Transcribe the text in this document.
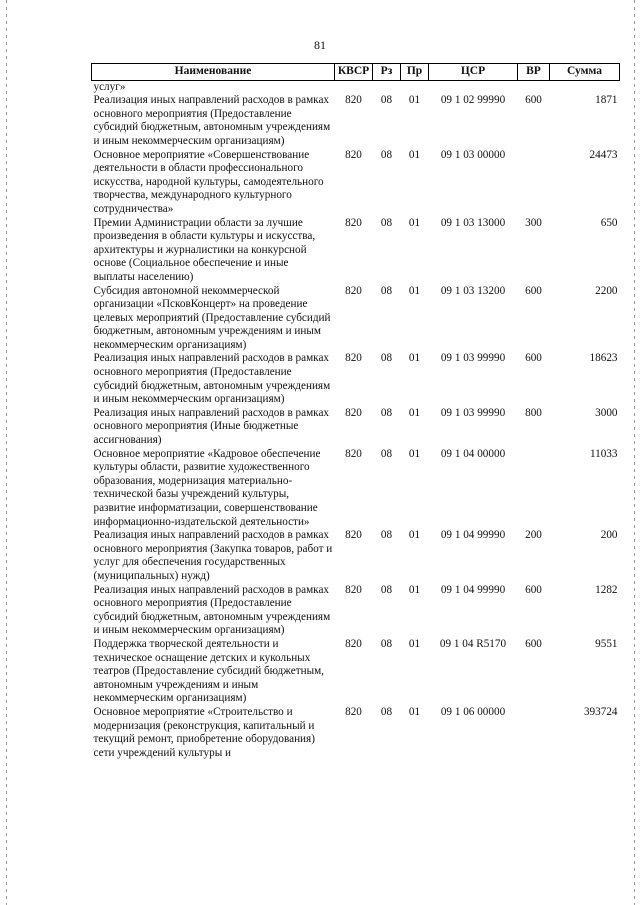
81
Наименование	КВСР	Рз	Пр	ЦСР	ВР	Сумма
услуг»						
Реализация иных направлений расходов в рамках основного мероприятия (Предоставление субсидий бюджетным, автономным учреждениям и иным некоммерческим организациям)	820	08	01	09 1 02 99990	600	1871
Основное мероприятие «Совершенствование деятельности в области профессионального искусства, народной культуры, самодеятельного творчества, международного культурного сотрудничества»	820	08	01	09 1 03 00000		24473
Премии Администрации области за лучшие произведения в области культуры и искусства, архитектуры и журналистики на конкурсной основе (Социальное обеспечение и иные выплаты населению)	820	08	01	09 1 03 13000	300	650
Субсидия автономной некоммерческой организации «ПсковКонцерт» на проведение целевых мероприятий (Предоставление субсидий бюджетным, автономным учреждениям и иным некоммерческим организациям)	820	08	01	09 1 03 13200	600	2200
Реализация иных направлений расходов в рамках основного мероприятия (Предоставление субсидий бюджетным, автономным учреждениям и иным некоммерческим организациям)	820	08	01	09 1 03 99990	600	18623
Реализация иных направлений расходов в рамках основного мероприятия (Иные бюджетные ассигнования)	820	08	01	09 1 03 99990	800	3000
Основное мероприятие «Кадровое обеспечение культуры области, развитие художественного образования, модернизация материально-технической базы учреждений культуры, развитие информатизации, совершенствование информационно-издательской деятельности»	820	08	01	09 1 04 00000		11033
Реализация иных направлений расходов в рамках основного мероприятия (Закупка товаров, работ и услуг для обеспечения государственных (муниципальных) нужд)	820	08	01	09 1 04 99990	200	200
Реализация иных направлений расходов в рамках основного мероприятия (Предоставление субсидий бюджетным, автономным учреждениям и иным некоммерческим организациям)	820	08	01	09 1 04 99990	600	1282
Поддержка творческой деятельности и техническое оснащение детских и кукольных театров (Предоставление субсидий бюджетным, автономным учреждениям и иным некоммерческим организациям)	820	08	01	09 1 04 R5170	600	9551
Основное мероприятие «Строительство и модернизация (реконструкция, капитальный и текущий ремонт, приобретение оборудования) сети учреждений культуры и	820	08	01	09 1 06 00000		393724
